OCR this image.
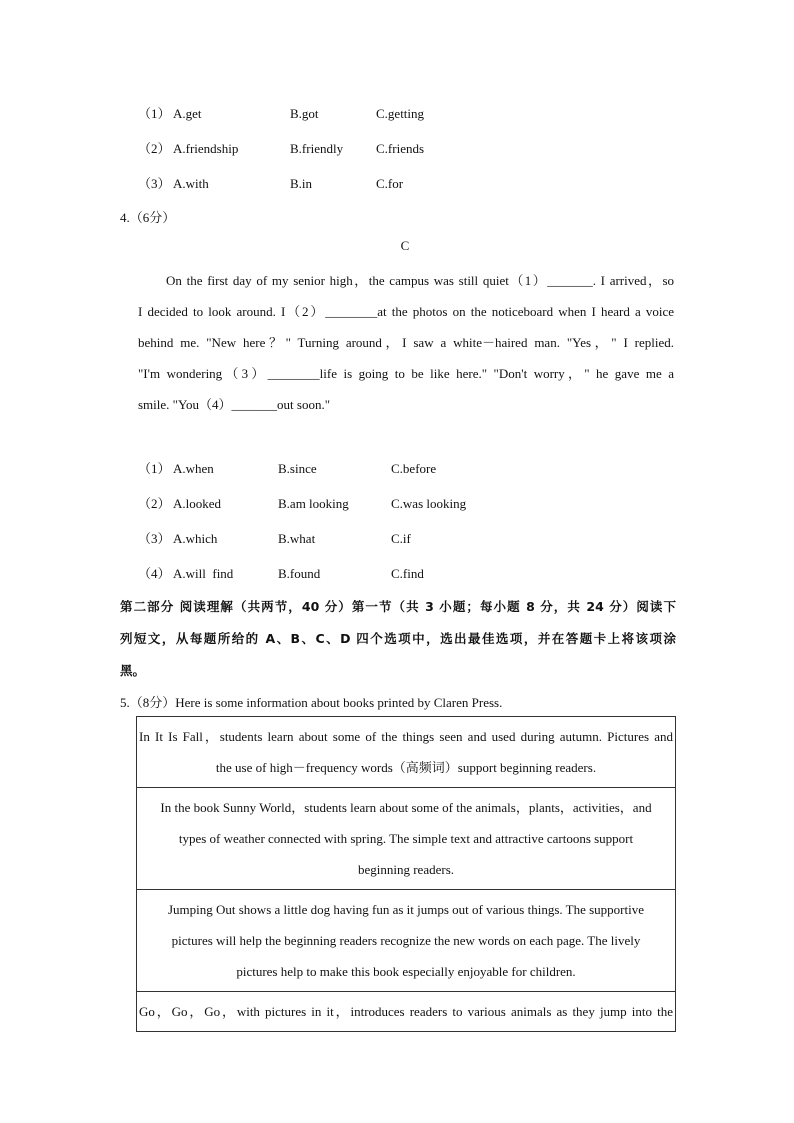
（1） A.get	B.got	C.getting
（2） A.friendship	B.friendly	C.friends
（3） A.with	B.in	C.for
4.（6分）
C
On the first day of my senior high，the campus was still quiet（1）_______. I arrived，so
I decided to look around. I（2）________at the photos on the noticeboard when I heard a voice
behind me. "New here？" Turning around，I saw a white－haired man. "Yes，" I replied.
"I'm wondering（3）________life is going to be like here." "Don't worry，" he gave me a
smile. "You（4）_______out soon."
（1） A.when	B.since	C.before
（2） A.looked	B.am looking	C.was looking
（3） A.which	B.what	C.if
（4） A.will  find	B.found	C.find
第二部分 阅读理解（共两节，40 分）第一节（共 3 小题；每小题 8 分，共 24 分）阅读下
列短文，从每题所给的 A、B、C、D 四个选项中，选出最佳选项，并在答题卡上将该项涂
黑。
5.（8分）Here is some information about books printed by Claren Press.
In It Is Fall，students learn about some of the things seen and used during autumn. Pictures and
the use of high－frequency words（高频词）support beginning readers.

In the book Sunny World，students learn about some of the animals，plants，activities，and
types of weather connected with spring. The simple text and attractive cartoons support
beginning readers.

Jumping Out shows a little dog having fun as it jumps out of various things. The supportive
pictures will help the beginning readers recognize the new words on each page. The lively
pictures help to make this book especially enjoyable for children.

Go，Go，Go，with pictures in it，introduces readers to various animals as they jump into the
